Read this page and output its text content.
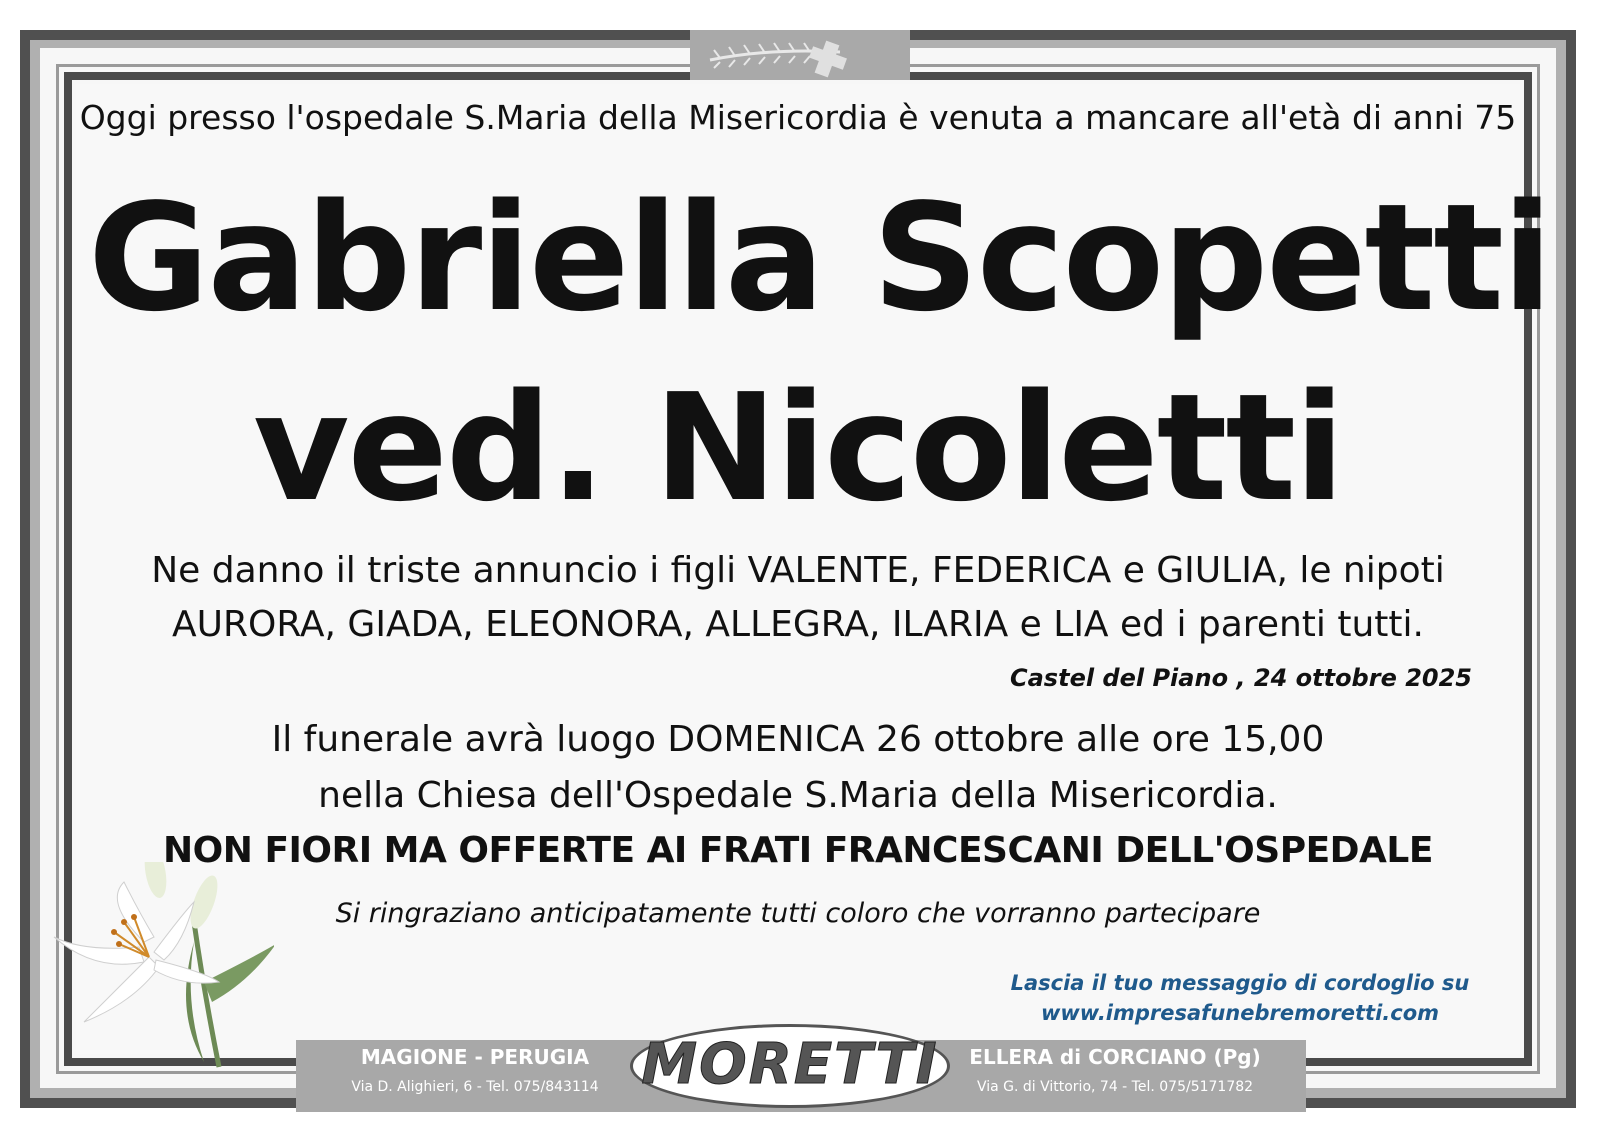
Oggi presso l'ospedale S.Maria della Misericordia è venuta a mancare all'età di anni 75
Gabriella Scopetti
ved. Nicoletti
Ne danno il triste annuncio i figli VALENTE, FEDERICA e GIULIA, le nipoti
AURORA, GIADA, ELEONORA, ALLEGRA, ILARIA e LIA ed i parenti tutti.
Castel del Piano , 24 ottobre 2025
Il funerale avrà luogo DOMENICA 26 ottobre alle ore 15,00
nella Chiesa dell'Ospedale S.Maria della Misericordia.
NON FIORI MA OFFERTE AI FRATI FRANCESCANI DELL'OSPEDALE
Si ringraziano anticipatamente tutti coloro che vorranno partecipare
Lascia il tuo messaggio di cordoglio su
www.impresafunebremoretti.com
MAGIONE - PERUGIA
Via D. Alighieri, 6 - Tel. 075/843114 MORETTI	ELLERA di CORCIANO (Pg)
Via G. di Vittorio, 74 - Tel. 075/5171782
